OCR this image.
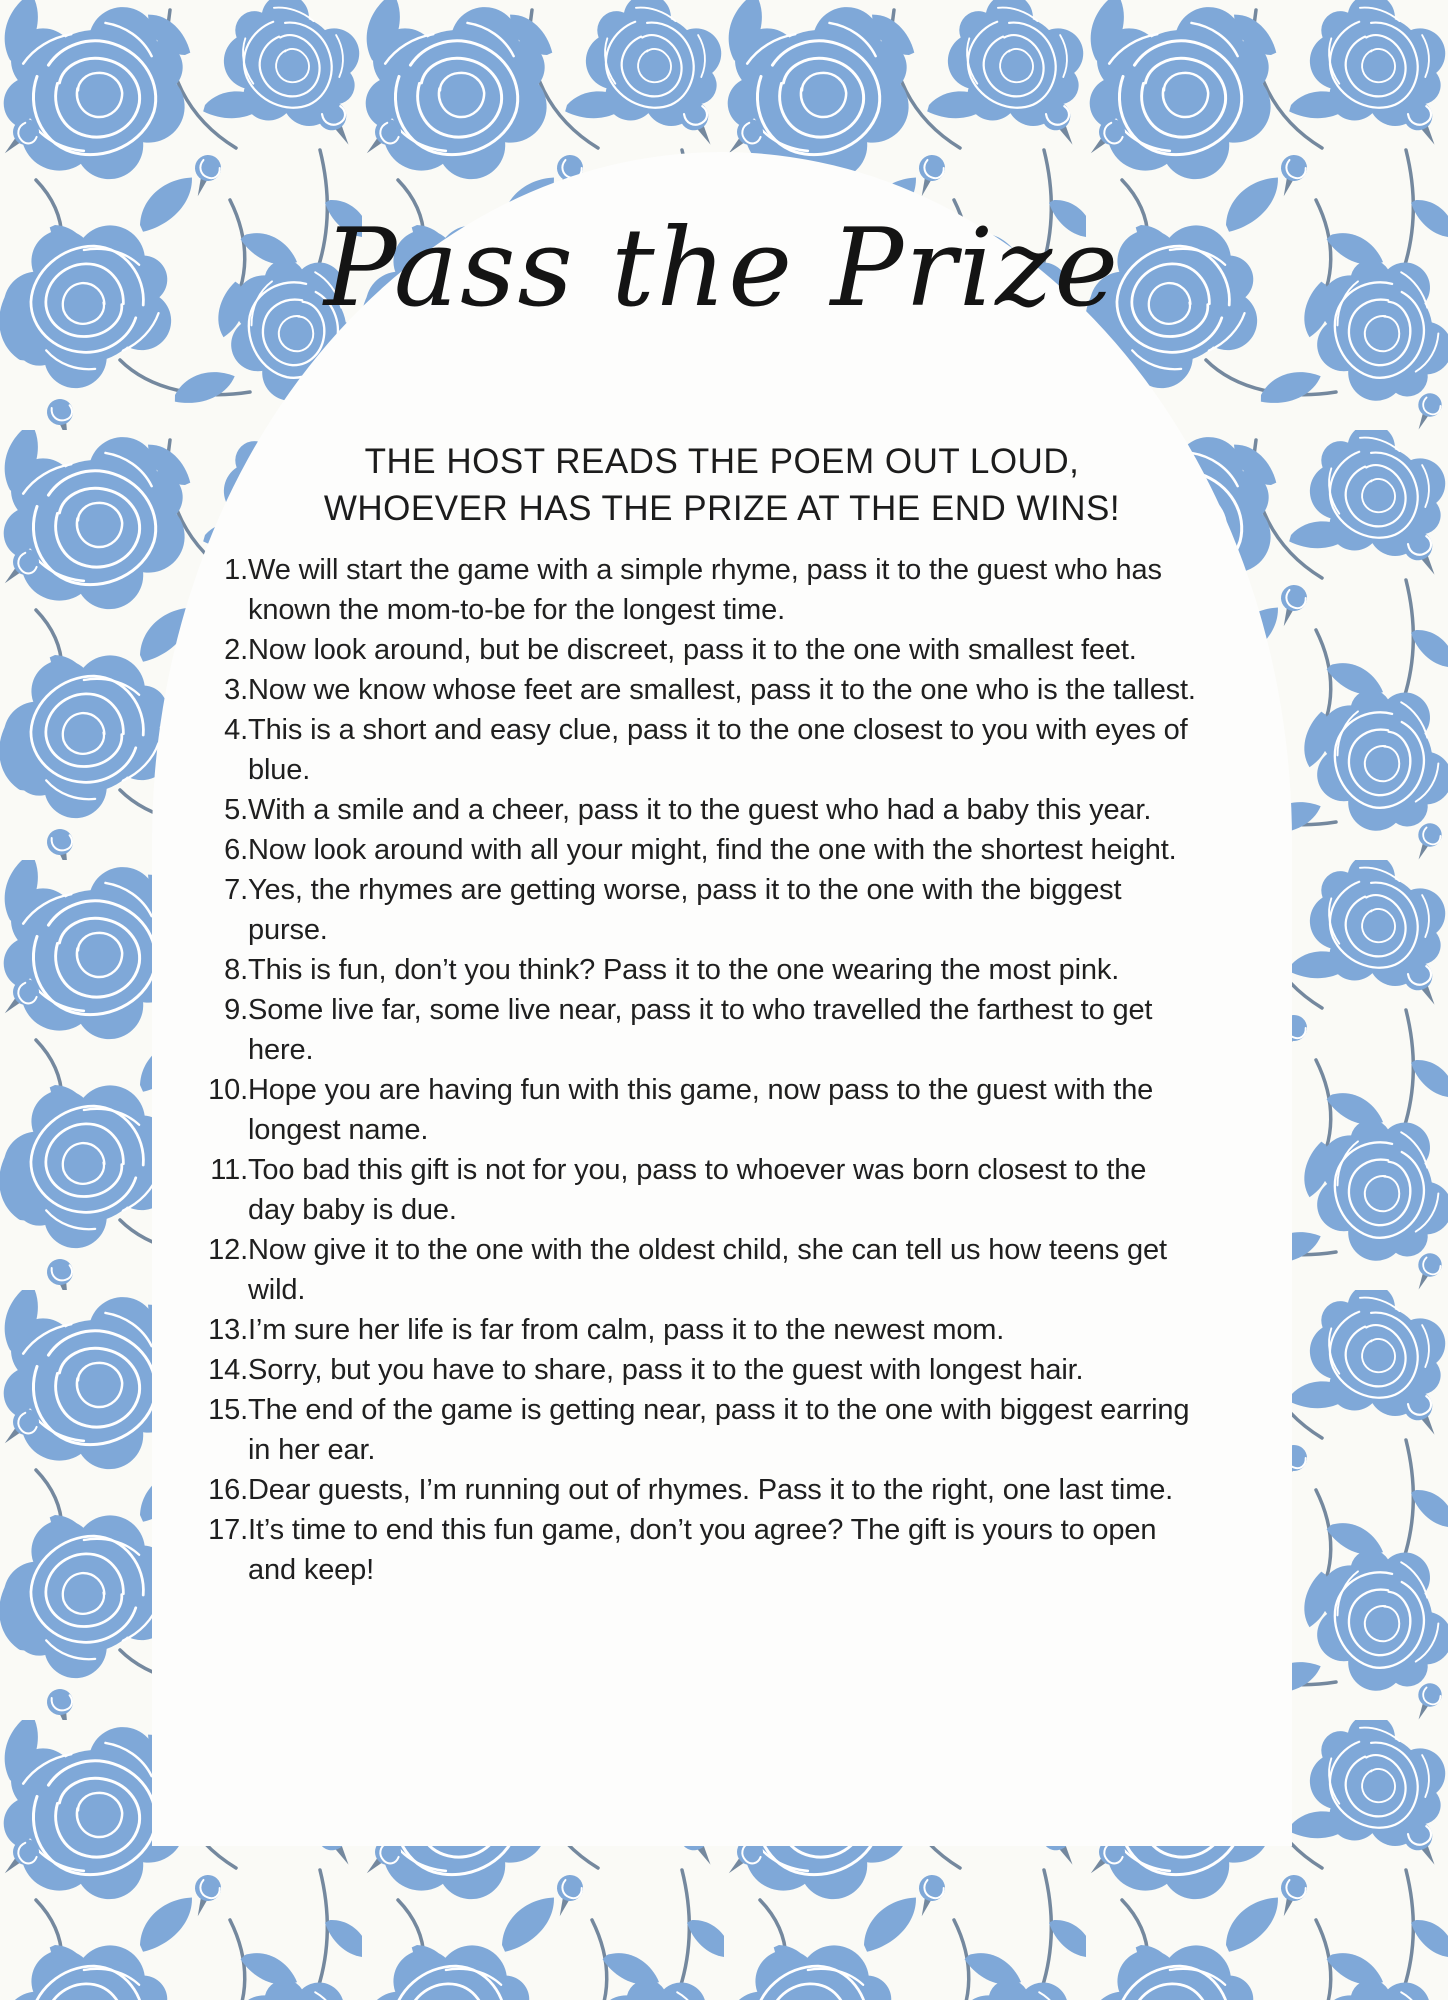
Pass the Prize

THE HOST READS THE POEM OUT LOUD,

WHOEVER HAS THE PRIZE AT THE END WINS!

We will start the game with a simple rhyme, pass it to the guest who has known the mom-to-be for the longest time.
Now look around, but be discreet, pass it to the one with smallest feet.
Now we know whose feet are smallest, pass it to the one who is the tallest.
This is a short and easy clue, pass it to the one closest to you with eyes of blue.
With a smile and a cheer, pass it to the guest who had a baby this year.
Now look around with all your might, find the one with the shortest height.
Yes, the rhymes are getting worse, pass it to the one with the biggest purse.
This is fun, don’t you think? Pass it to the one wearing the most pink.
Some live far, some live near, pass it to who travelled the farthest to get here.
Hope you are having fun with this game, now pass to the guest with the longest name.
Too bad this gift is not for you, pass to whoever was born closest to the day baby is due.
Now give it to the one with the oldest child, she can tell us how teens get wild.
I’m sure her life is far from calm, pass it to the newest mom.
Sorry, but you have to share, pass it to the guest with longest hair.
The end of the game is getting near, pass it to the one with biggest earring in her ear.
Dear guests, I’m running out of rhymes. Pass it to the right, one last time.
It’s time to end this fun game, don’t you agree? The gift is yours to open and keep!
